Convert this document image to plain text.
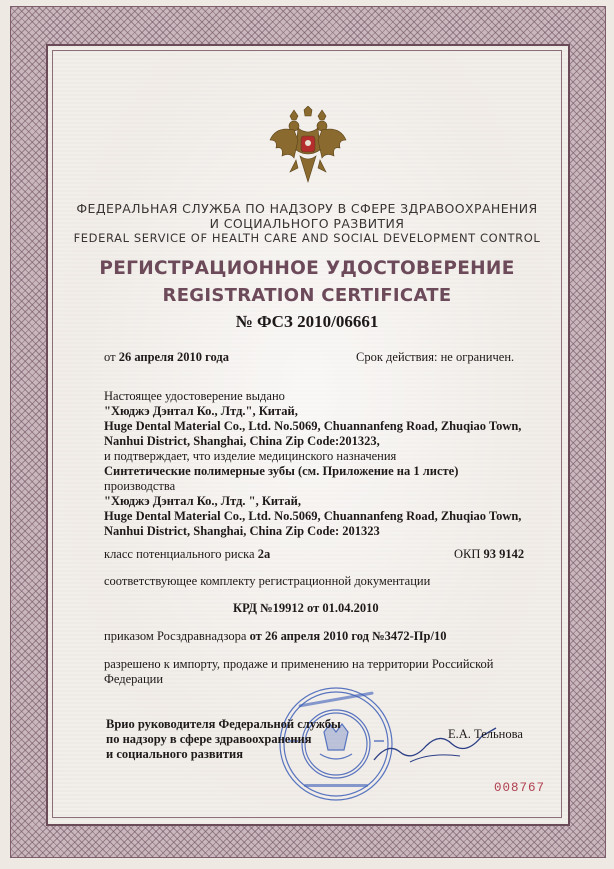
ФЕДЕРАЛЬНАЯ СЛУЖБА ПО НАДЗОРУ В СФЕРЕ ЗДРАВООХРАНЕНИЯ
И СОЦИАЛЬНОГО РАЗВИТИЯ
FEDERAL SERVICE OF HEALTH CARE AND SOCIAL DEVELOPMENT CONTROL
РЕГИСТРАЦИОННОЕ УДОСТОВЕРЕНИЕ
REGISTRATION CERTIFICATE
№ ФСЗ 2010/06661
от 26 апреля 2010 года	Срок действия: не ограничен.
Настоящее удостоверение выдано
"Хюджэ Дэнтал Ко., Лтд.", Китай,
Huge Dental Material Co., Ltd. No.5069, Chuannanfeng Road, Zhuqiao Town,
Nanhui District, Shanghai, China Zip Code:201323,
и подтверждает, что изделие медицинского назначения
Синтетические полимерные зубы (см. Приложение на 1 листе)
производства
"Хюджэ Дэнтал Ко., Лтд. ", Китай,
Huge Dental Material Co., Ltd. No.5069, Chuannanfeng Road, Zhuqiao Town,
Nanhui District, Shanghai, China Zip Code: 201323
класс потенциального риска 2а	ОКП 93 9142
соответствующее комплекту регистрационной документации
КРД №19912 от 01.04.2010
приказом Росздравнадзора от 26 апреля 2010 год №3472-Пр/10
разрешено к импорту, продаже и применению на территории Российской
Федерации
Врио руководителя Федеральной службы
по надзору в сфере здравоохранения
и социального развития
Е.А. Тельнова
008767
